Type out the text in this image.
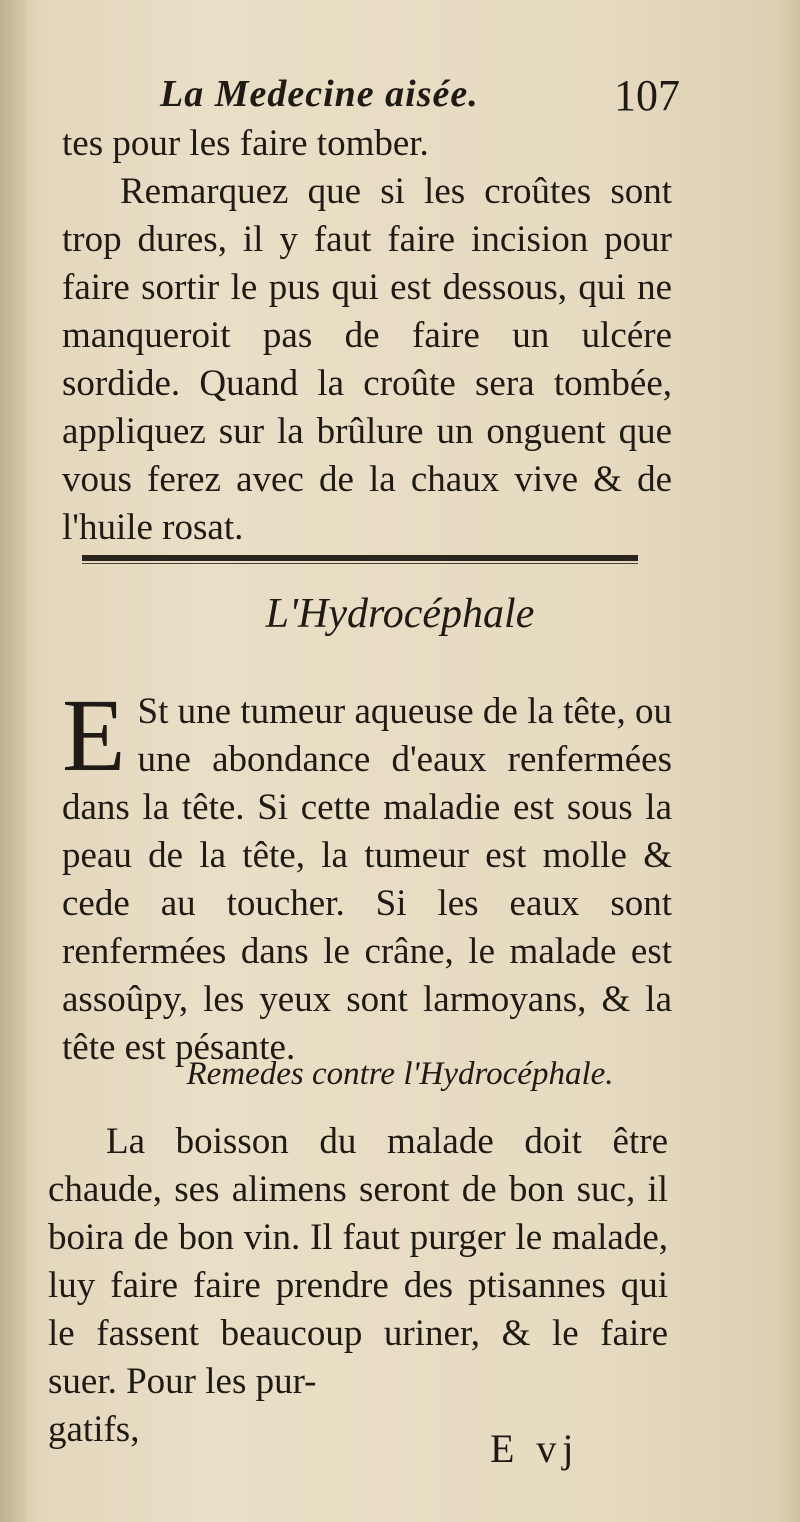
La Medecine aisée.	107

tes pour les faire tomber.

Remarquez que si les croûtes sont trop dures, il y faut faire incision pour faire sortir le pus qui est dessous, qui ne manqueroit pas de faire un ulcére sordide. Quand la croûte sera tombée, appliquez sur la brûlure un onguent que vous ferez avec de la chaux vive & de l'huile rosat.

L'Hydrocéphale
E St une tumeur aqueuse de la tête, ou une abondance d'eaux renfermées dans la tête. Si cette maladie est sous la peau de la tête, la tumeur est molle & cede au toucher. Si les eaux sont renfermées dans le crâne, le malade est assoûpy, les yeux sont larmoyans, & la tête est pésante.

Remedes contre l'Hydrocéphale.

La boisson du malade doit être chaude, ses alimens seront de bon suc, il boira de bon vin. Il faut purger le malade, luy faire faire prendre des ptisannes qui le fassent beaucoup uriner, & le faire suer. Pour les pur-

gatifs,	E vj
